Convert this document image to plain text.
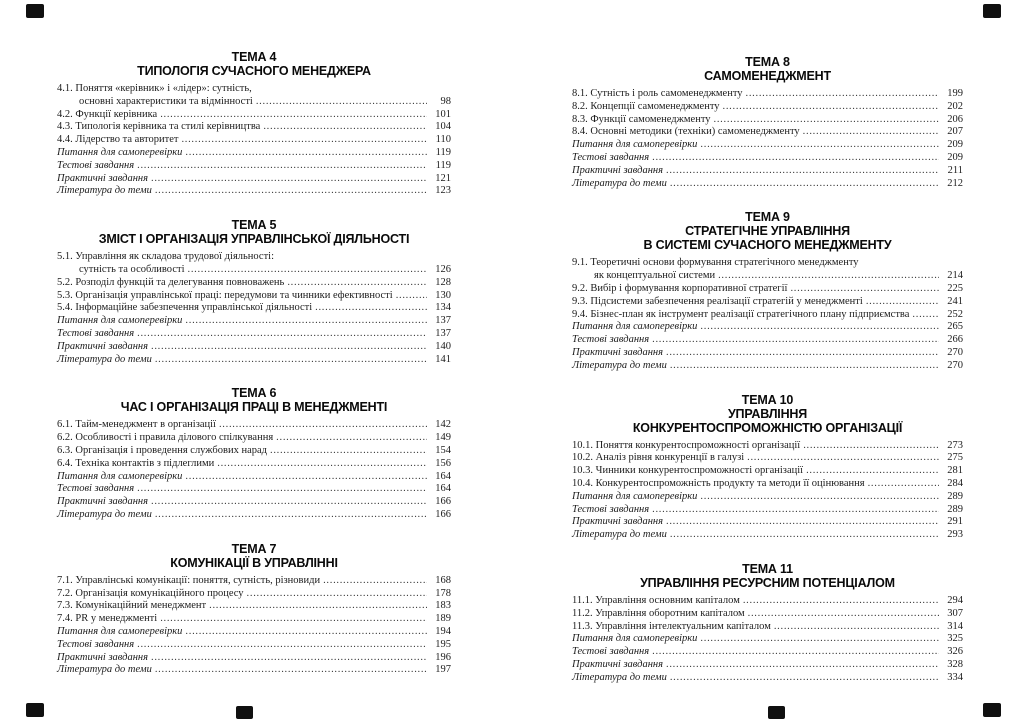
ТЕМА 4
ТИПОЛОГІЯ СУЧАСНОГО МЕНЕДЖЕРА
4.1. Поняття «керівник» і «лідер»: сутність,
основні характеристики та відмінності .....	98
4.2. Функції керівника .....	101
4.3. Типологія керівника та стилі керівництва .....	104
4.4. Лідерство та авторитет .....	110
Питання для самоперевірки .....	119
Тестові завдання .....	119
Практичні завдання .....	121
Література до теми .....	123
ТЕМА 5
ЗМІСТ І ОРГАНІЗАЦІЯ УПРАВЛІНСЬКОЇ ДІЯЛЬНОСТІ
5.1. Управління як складова трудової діяльності:
сутність та особливості .....	126
5.2. Розподіл функцій та делегування повноважень .....	128
5.3. Організація управлінської праці: передумови та чинники ефективності .....	130
5.4. Інформаційне забезпечення управлінської діяльності .....	134
Питання для самоперевірки .....	137
Тестові завдання .....	137
Практичні завдання .....	140
Література до теми .....	141
ТЕМА 6
ЧАС І ОРГАНІЗАЦІЯ ПРАЦІ В МЕНЕДЖМЕНТІ
6.1. Тайм-менеджмент в організації .....	142
6.2. Особливості і правила ділового спілкування .....	149
6.3. Організація і проведення службових нарад .....	154
6.4. Техніка контактів з підлеглими .....	156
Питання для самоперевірки .....	164
Тестові завдання .....	164
Практичні завдання .....	166
Література до теми .....	166
ТЕМА 7
КОМУНІКАЦІЇ В УПРАВЛІННІ
7.1. Управлінські комунікації: поняття, сутність, різновиди .....	168
7.2. Організація комунікаційного процесу .....	178
7.3. Комунікаційний менеджмент .....	183
7.4. PR у менеджменті .....	189
Питання для самоперевірки .....	194
Тестові завдання .....	195
Практичні завдання .....	196
Література до теми .....	197
ТЕМА 8
САМОМЕНЕДЖМЕНТ
8.1. Сутність і роль самоменеджменту .....	199
8.2. Концепції самоменеджменту .....	202
8.3. Функції самоменеджменту .....	206
8.4. Основні методики (техніки) самоменеджменту .....	207
Питання для самоперевірки .....	209
Тестові завдання .....	209
Практичні завдання .....	211
Література до теми .....	212
ТЕМА 9
СТРАТЕГІЧНЕ УПРАВЛІННЯ
В СИСТЕМІ СУЧАСНОГО МЕНЕДЖМЕНТУ
9.1. Теоретичні основи формування стратегічного менеджменту
як концептуальної системи .....	214
9.2. Вибір і формування корпоративної стратегії .....	225
9.3. Підсистеми забезпечення реалізації стратегій у менеджменті .....	241
9.4. Бізнес-план як інструмент реалізації стратегічного плану підприємства .....	252
Питання для самоперевірки .....	265
Тестові завдання .....	266
Практичні завдання .....	270
Література до теми .....	270
ТЕМА 10
УПРАВЛІННЯ
КОНКУРЕНТОСПРОМОЖНІСТЮ ОРГАНІЗАЦІЇ
10.1. Поняття конкурентоспроможності організації .....	273
10.2. Аналіз рівня конкуренції в галузі .....	275
10.3. Чинники конкурентоспроможності організації .....	281
10.4. Конкурентоспроможність продукту та методи її оцінювання .....	284
Питання для самоперевірки .....	289
Тестові завдання .....	289
Практичні завдання .....	291
Література до теми .....	293
ТЕМА 11
УПРАВЛІННЯ РЕСУРСНИМ ПОТЕНЦІАЛОМ
11.1. Управління основним капіталом .....	294
11.2. Управління оборотним капіталом .....	307
11.3. Управління інтелектуальним капіталом .....	314
Питання для самоперевірки .....	325
Тестові завдання .....	326
Практичні завдання .....	328
Література до теми .....	334
